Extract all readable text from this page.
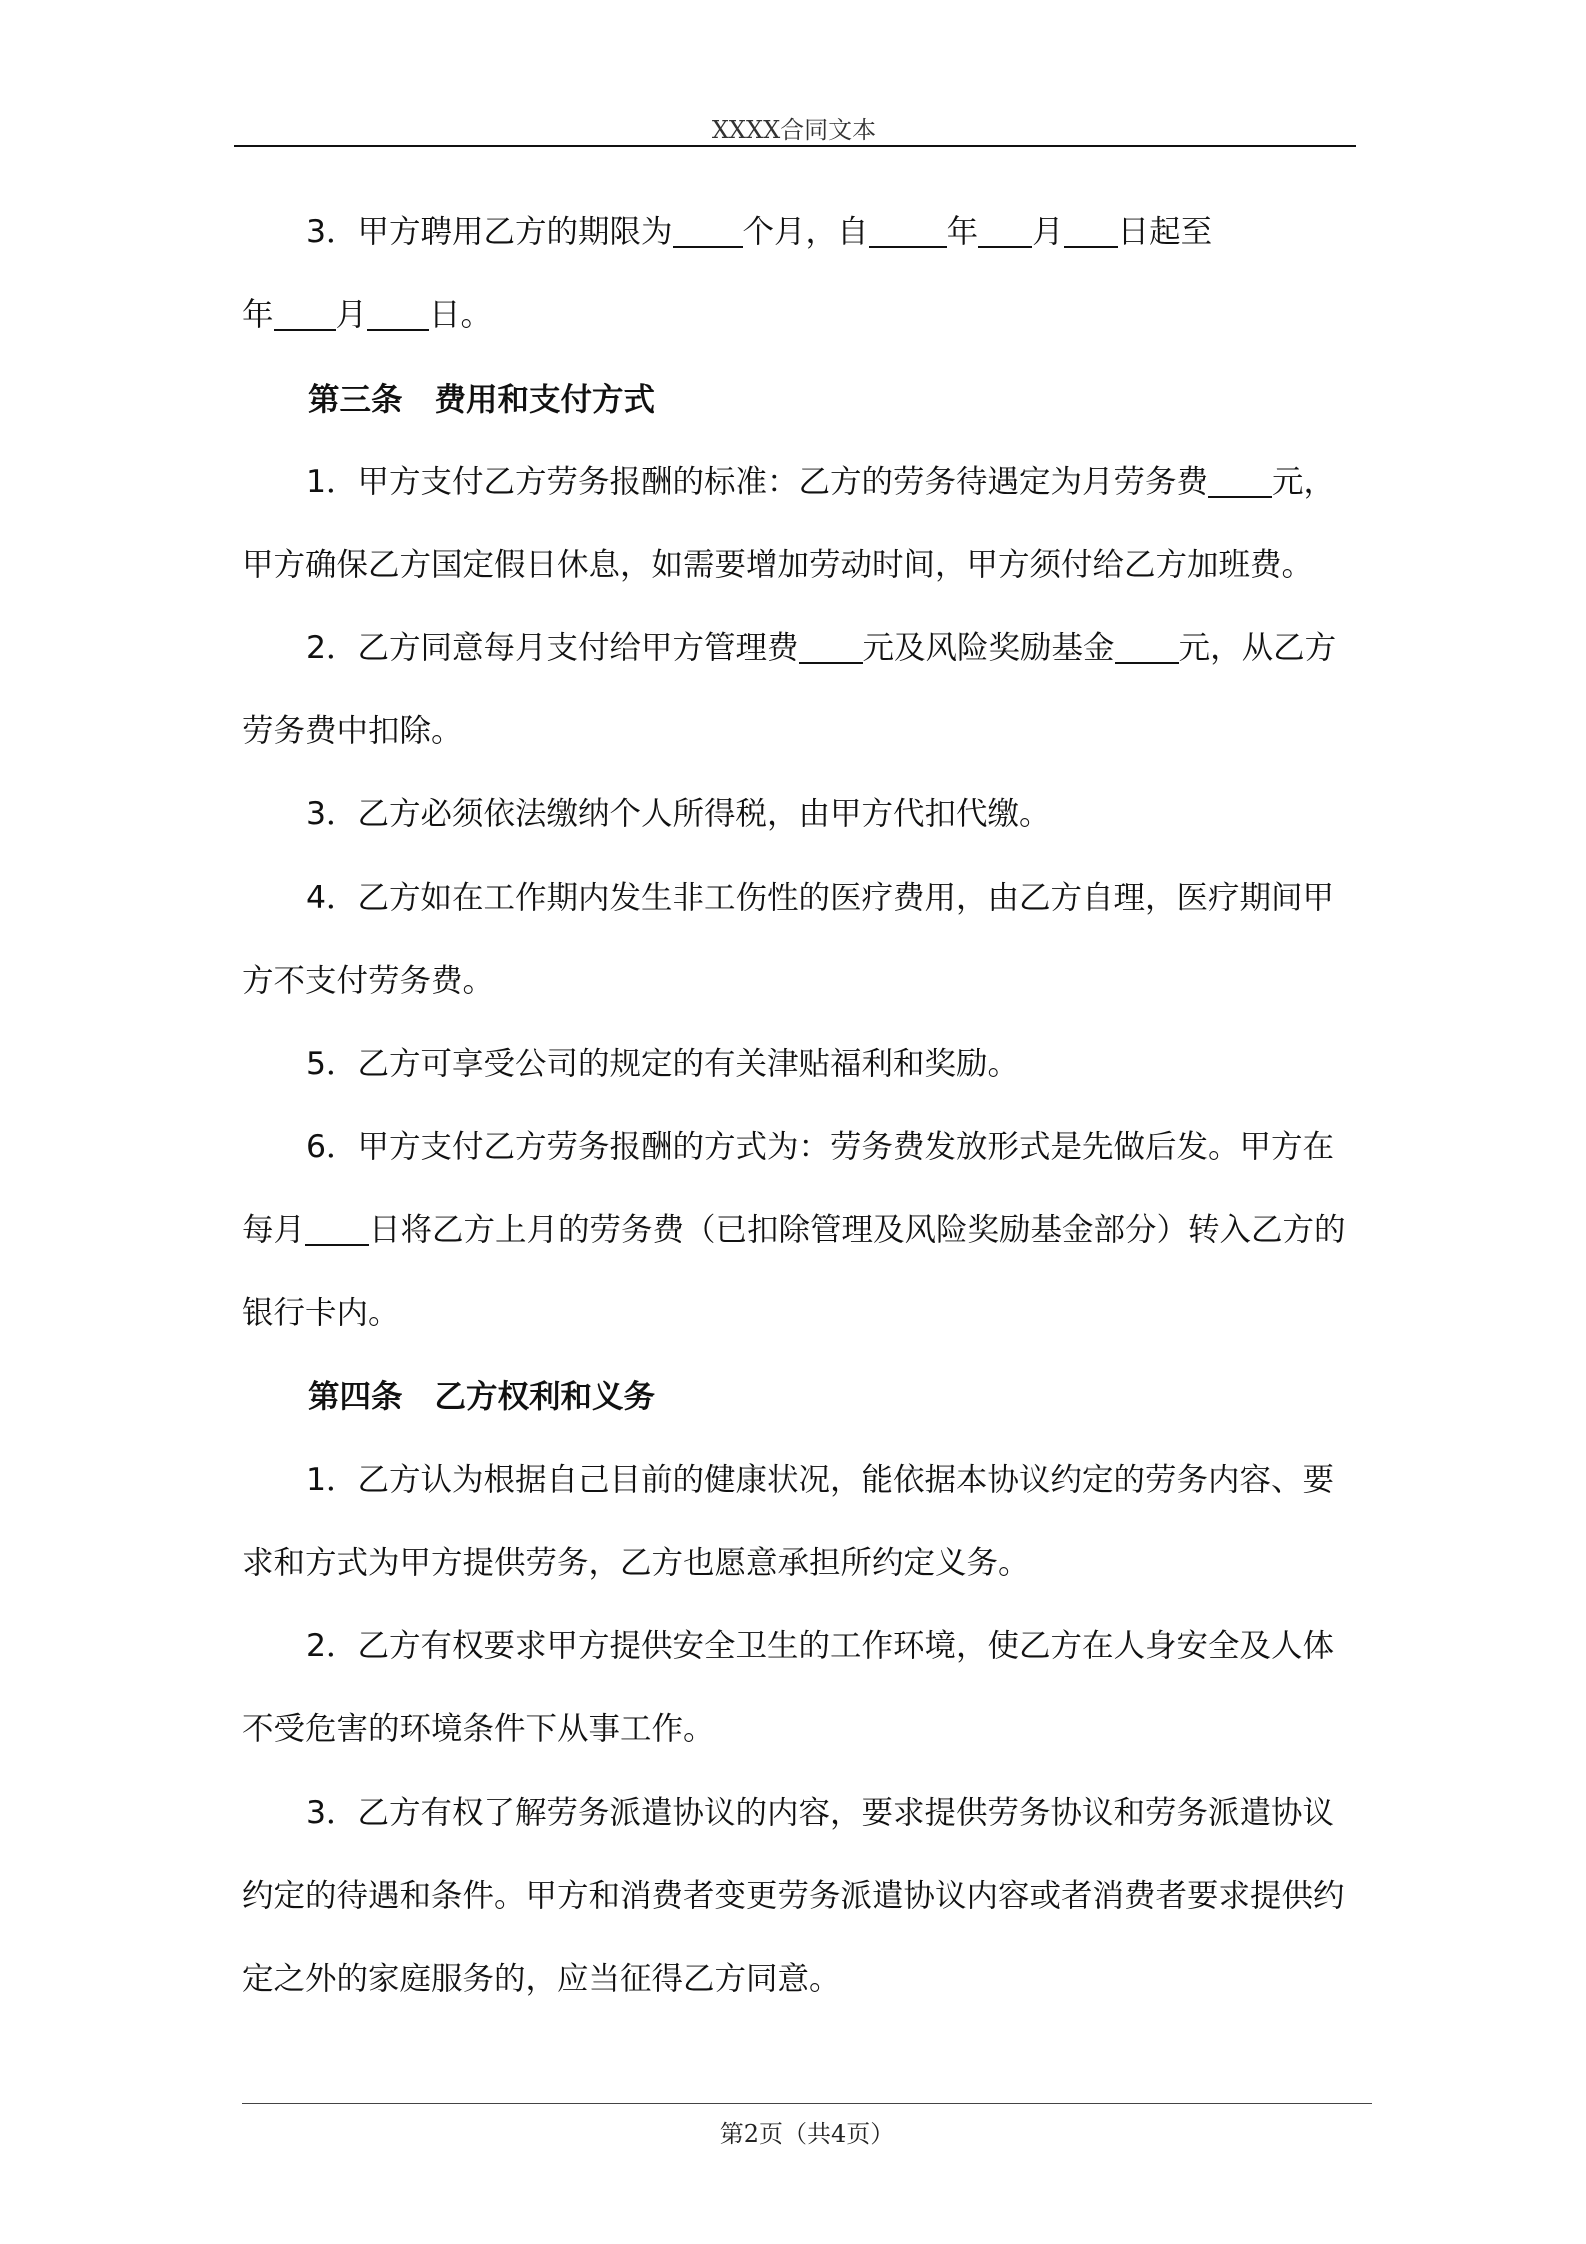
XXXX合同文本
3．甲方聘用乙方的期限为 个月，自 年 月 日起至
年 月 日。
第三条 费用和支付方式
1．甲方支付乙方劳务报酬的标准：乙方的劳务待遇定为月劳务费 元，
甲方确保乙方国定假日休息，如需要增加劳动时间，甲方须付给乙方加班费。
2．乙方同意每月支付给甲方管理费 元及风险奖励基金 元，从乙方
劳务费中扣除。
3．乙方必须依法缴纳个人所得税，由甲方代扣代缴。
4．乙方如在工作期内发生非工伤性的医疗费用，由乙方自理，医疗期间甲
方不支付劳务费。
5．乙方可享受公司的规定的有关津贴福利和奖励。
6．甲方支付乙方劳务报酬的方式为：劳务费发放形式是先做后发。甲方在
每月 日将乙方上月的劳务费（已扣除管理及风险奖励基金部分）转入乙方的
银行卡内。
第四条 乙方权利和义务
1．乙方认为根据自己目前的健康状况，能依据本协议约定的劳务内容、要
求和方式为甲方提供劳务，乙方也愿意承担所约定义务。
2．乙方有权要求甲方提供安全卫生的工作环境，使乙方在人身安全及人体
不受危害的环境条件下从事工作。
3．乙方有权了解劳务派遣协议的内容，要求提供劳务协议和劳务派遣协议
约定的待遇和条件。甲方和消费者变更劳务派遣协议内容或者消费者要求提供约
定之外的家庭服务的，应当征得乙方同意。
第2页（共4页）
